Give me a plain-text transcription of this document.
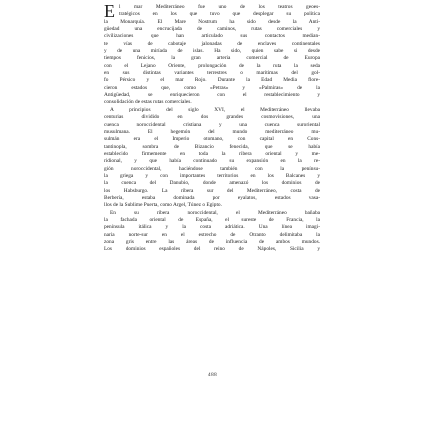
E l mar Mediterráneo fue uno de los teatros geoes-
tratégicos en los que tuvo que desplegar su política
la Monarquía. El Mare Nostrum ha sido desde la Anti-
güedad una encrucijada de caminos, rutas comerciales y
civilizaciones que han articulado sus contactos median-
te vías de cabotaje jalonadas de enclaves continentales
y de una miríada de islas. Ha sido, quien sabe si desde
tiempos fenicios, la gran arteria comercial de Europa
con el Lejano Oriente, prolongación de la ruta la seda
en sus distintas variantes terrestres o marítimas del gol-
fo Pérsico y el mar Rojo. Durante la Edad Media flore-
cieron estados que, como «Petras» y «Palmiras» de la
Antigüedad, se enriquecieron con el restablecimiento y
consolidación de estas rutas comerciales.
A principios del siglo XVI, el Mediterráneo llevaba
centurias dividido en dos grandes cosmovisiones, una
cuenca noroccidental cristiana y una cuenca suroriental
musulmana. El hegemón del mundo mediterráneo mu-
sulmán era el Imperio otomano, con capital en Cons-
tantinopla, sombra de Bizancio fenecida, que se había
establecido firmemente en toda la ribera oriental y me-
ridional, y que había continuado su expansión en la re-
gión noroccidental, haciéndose también con la penínsu-
la griega y con importantes territorios en los Balcanes y
la cuenca del Danubio, donde amenazó los dominios de
los Habsburgo. La ribera sur del Mediterráneo, costa de
Berbería, estaba dominada por eyalatos, estados vasa-
llos de la Sublime Puerta, como Argel, Túnez o Egipto.
En su ribera noroccidental, el Mediterráneo bañaba
la fachada oriental de España, el sureste de Francia, la
península itálica y la costa adriática. Una línea imagi-
naria norte-sur en el estrecho de Otranto delimitaba la
zona gris entre las áreas de influencia de ambos mundos.
Los dominios españoles del reino de Nápoles, Sicilia y
488
